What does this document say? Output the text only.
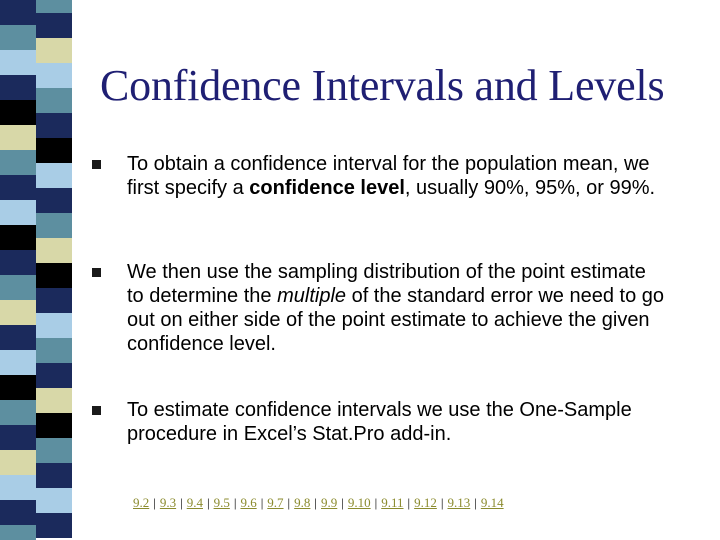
Confidence Intervals and Levels
To obtain a confidence interval for the population mean, we first specify a confidence level, usually 90%, 95%, or 99%.
We then use the sampling distribution of the point estimate to determine the multiple of the standard error we need to go out on either side of the point estimate to achieve the given confidence level.
To estimate confidence intervals we use the One-Sample procedure in Excel’s Stat.Pro add-in.
9.2 | 9.3 | 9.4 | 9.5 | 9.6 | 9.7 | 9.8 | 9.9 | 9.10 | 9.11 | 9.12 | 9.13 | 9.14
